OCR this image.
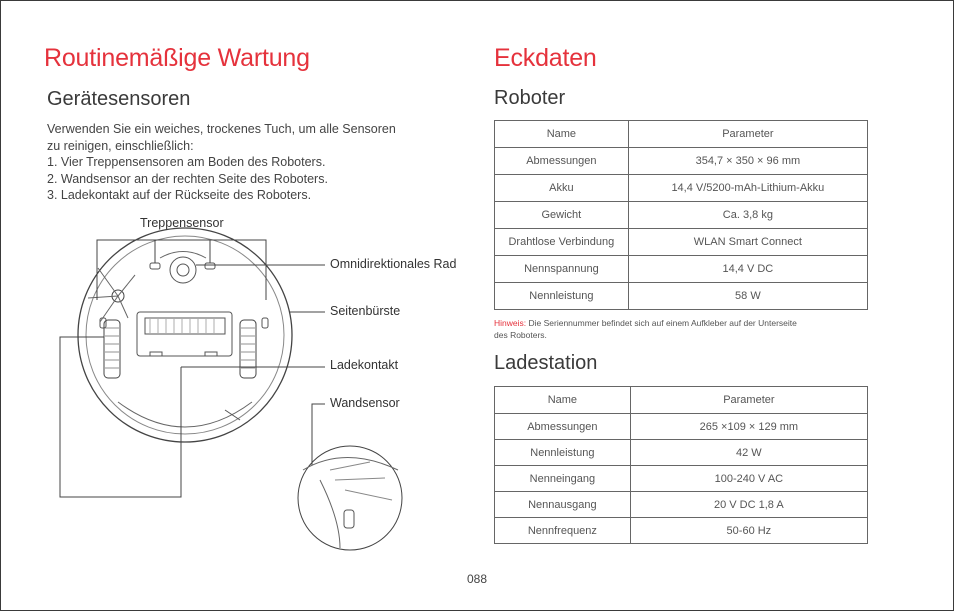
Routinemäßige Wartung
Gerätesensoren

Verwenden Sie ein weiches, trockenes Tuch, um alle Sensoren

zu reinigen, einschließlich:

1. Vier Treppensensoren am Boden des Roboters.

2. Wandsensor an der rechten Seite des Roboters.

3. Ladekontakt auf der Rückseite des Roboters.

Treppensensor
Omnidirektionales Rad
Seitenbürste
Ladekontakt
Wandsensor
Eckdaten
Roboter
Name	Parameter
Abmessungen	354,7 × 350 × 96 mm
Akku	14,4 V/5200-mAh-Lithium-Akku
Gewicht	Ca. 3,8 kg
Drahtlose Verbindung	WLAN Smart Connect
Nennspannung	14,4 V DC
Nennleistung	58 W
Hinweis: Die Seriennummer befindet sich auf einem Aufkleber auf der Unterseite
des Roboters.
Ladestation
Name	Parameter
Abmessungen	265 ×109 × 129 mm
Nennleistung	42 W
Nenneingang	100-240 V AC
Nennausgang	20 V DC 1,8 A
Nennfrequenz	50-60 Hz
088
